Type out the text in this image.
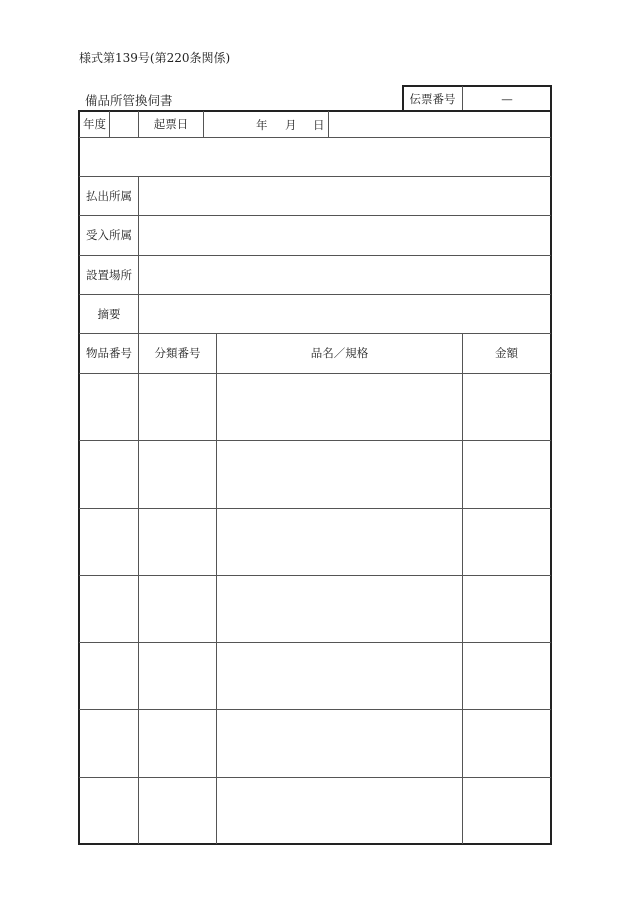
様式第139号(第220条関係)
備品所管換伺書	伝票番号	—
年度	起票日	年 月 日
払出所属
受入所属
設置場所
摘要
物品番号	分類番号	品名／規格	金額
